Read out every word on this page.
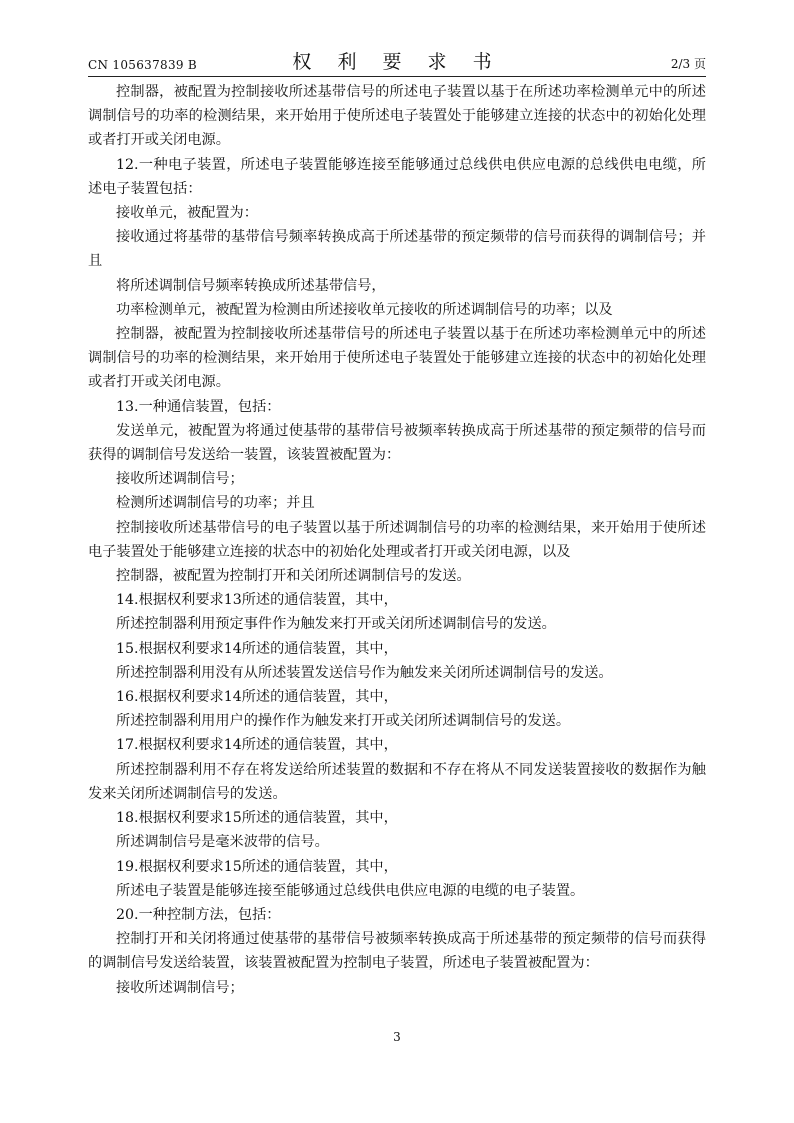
CN 105637839 B	权 利 要 求 书	2/3 页

控制器，被配置为控制接收所述基带信号的所述电子装置以基于在所述功率检测单元中的所述调制信号的功率的检测结果，来开始用于使所述电子装置处于能够建立连接的状态中的初始化处理或者打开或关闭电源。

12.一种电子装置，所述电子装置能够连接至能够通过总线供电供应电源的总线供电电缆，所述电子装置包括：

接收单元，被配置为：

接收通过将基带的基带信号频率转换成高于所述基带的预定频带的信号而获得的调制信号；并且

将所述调制信号频率转换成所述基带信号，

功率检测单元，被配置为检测由所述接收单元接收的所述调制信号的功率；以及

控制器，被配置为控制接收所述基带信号的所述电子装置以基于在所述功率检测单元中的所述调制信号的功率的检测结果，来开始用于使所述电子装置处于能够建立连接的状态中的初始化处理或者打开或关闭电源。

13.一种通信装置，包括：

发送单元，被配置为将通过使基带的基带信号被频率转换成高于所述基带的预定频带的信号而获得的调制信号发送给一装置，该装置被配置为：

接收所述调制信号；

检测所述调制信号的功率；并且

控制接收所述基带信号的电子装置以基于所述调制信号的功率的检测结果，来开始用于使所述电子装置处于能够建立连接的状态中的初始化处理或者打开或关闭电源，以及

控制器，被配置为控制打开和关闭所述调制信号的发送。

14.根据权利要求13所述的通信装置，其中，

所述控制器利用预定事件作为触发来打开或关闭所述调制信号的发送。

15.根据权利要求14所述的通信装置，其中，

所述控制器利用没有从所述装置发送信号作为触发来关闭所述调制信号的发送。

16.根据权利要求14所述的通信装置，其中，

所述控制器利用用户的操作作为触发来打开或关闭所述调制信号的发送。

17.根据权利要求14所述的通信装置，其中，

所述控制器利用不存在将发送给所述装置的数据和不存在将从不同发送装置接收的数据作为触发来关闭所述调制信号的发送。

18.根据权利要求15所述的通信装置，其中，

所述调制信号是毫米波带的信号。

19.根据权利要求15所述的通信装置，其中，

所述电子装置是能够连接至能够通过总线供电供应电源的电缆的电子装置。

20.一种控制方法，包括：

控制打开和关闭将通过使基带的基带信号被频率转换成高于所述基带的预定频带的信号而获得的调制信号发送给装置，该装置被配置为控制电子装置，所述电子装置被配置为：

接收所述调制信号；

3
